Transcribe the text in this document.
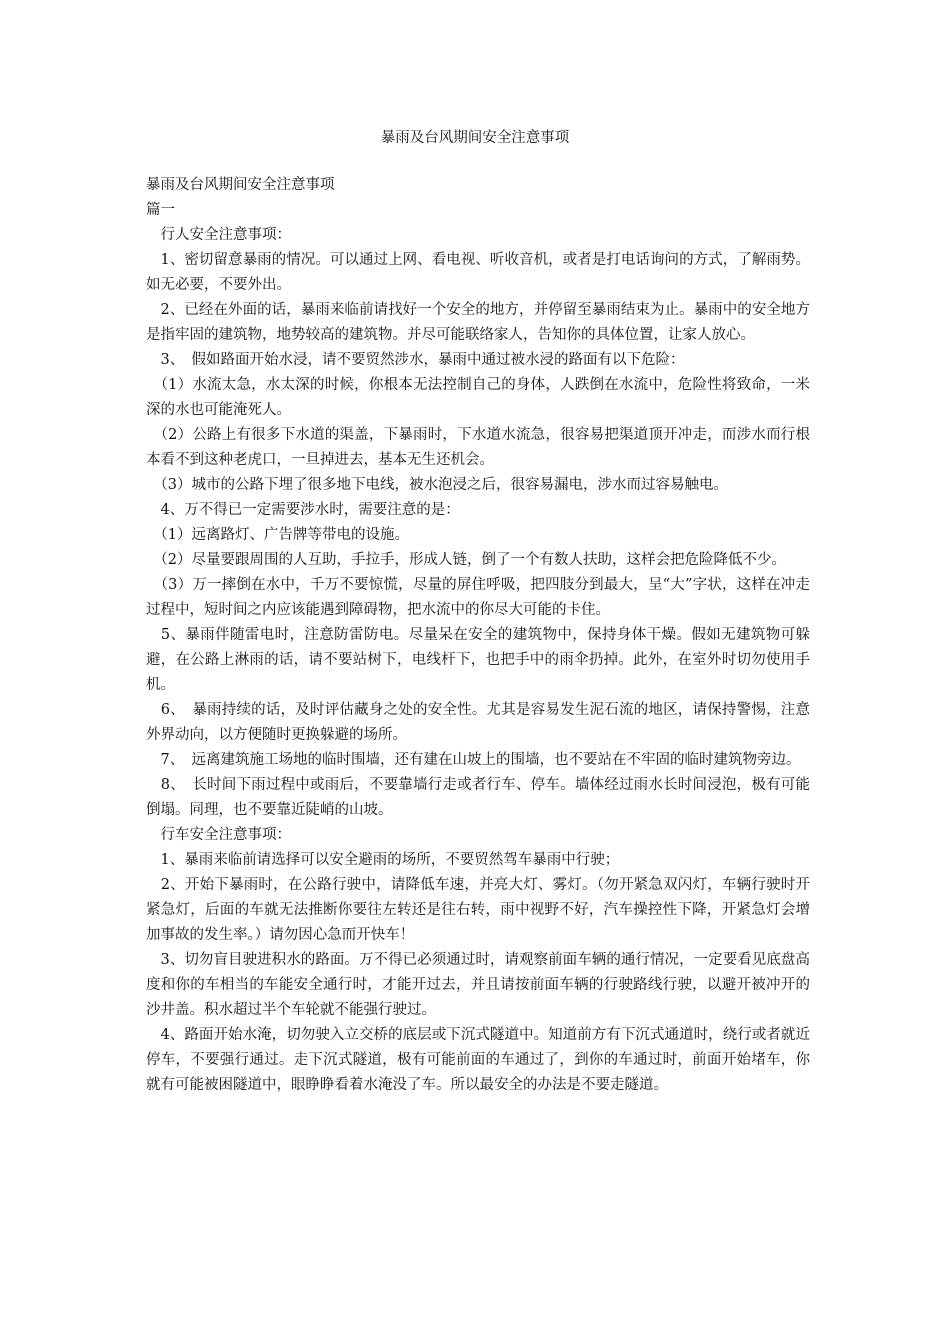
暴雨及台风期间安全注意事项

暴雨及台风期间安全注意事项

篇一

　行人安全注意事项：

　1、密切留意暴雨的情况。可以通过上网、看电视、听收音机，或者是打电话询问的方式，了解雨势。如无必要，不要外出。

　2、已经在外面的话，暴雨来临前请找好一个安全的地方，并停留至暴雨结束为止。暴雨中的安全地方是指牢固的建筑物，地势较高的建筑物。并尽可能联络家人，告知你的具体位置，让家人放心。

　3、　假如路面开始水浸，请不要贸然涉水，暴雨中通过被水浸的路面有以下危险：

　（1）水流太急，水太深的时候，你根本无法控制自己的身体，人跌倒在水流中，危险性将致命，一米深的水也可能淹死人。

　（2）公路上有很多下水道的渠盖，下暴雨时，下水道水流急，很容易把渠道顶开冲走，而涉水而行根本看不到这种老虎口，一旦掉进去，基本无生还机会。

　（3）城市的公路下埋了很多地下电线，被水泡浸之后，很容易漏电，涉水而过容易触电。

　4、万不得已一定需要涉水时，需要注意的是：

　（1）远离路灯、广告牌等带电的设施。

　（2）尽量要跟周围的人互助，手拉手，形成人链，倒了一个有数人扶助，这样会把危险降低不少。

　（3）万一摔倒在水中，千万不要惊慌，尽量的屏住呼吸，把四肢分到最大，呈“大”字状，这样在冲走过程中，短时间之内应该能遇到障碍物，把水流中的你尽大可能的卡住。

　5、暴雨伴随雷电时，注意防雷防电。尽量呆在安全的建筑物中，保持身体干燥。假如无建筑物可躲避，在公路上淋雨的话，请不要站树下，电线杆下，也把手中的雨伞扔掉。此外，在室外时切勿使用手机。

　6、　暴雨持续的话，及时评估藏身之处的安全性。尤其是容易发生泥石流的地区，请保持警惕，注意外界动向，以方便随时更换躲避的场所。

　7、　远离建筑施工场地的临时围墙，还有建在山坡上的围墙，也不要站在不牢固的临时建筑物旁边。

　8、　长时间下雨过程中或雨后，不要靠墙行走或者行车、停车。墙体经过雨水长时间浸泡，极有可能倒塌。同理，也不要靠近陡峭的山坡。

　行车安全注意事项：

　1、暴雨来临前请选择可以安全避雨的场所，不要贸然驾车暴雨中行驶；

　2、开始下暴雨时，在公路行驶中，请降低车速，并亮大灯、雾灯。（勿开紧急双闪灯，车辆行驶时开紧急灯，后面的车就无法推断你要往左转还是往右转，雨中视野不好，汽车操控性下降，开紧急灯会增加事故的发生率。）请勿因心急而开快车！

　3、切勿盲目驶进积水的路面。万不得已必须通过时，请观察前面车辆的通行情况，一定要看见底盘高度和你的车相当的车能安全通行时，才能开过去，并且请按前面车辆的行驶路线行驶，以避开被冲开的沙井盖。积水超过半个车轮就不能强行驶过。

　4、路面开始水淹，切勿驶入立交桥的底层或下沉式隧道中。知道前方有下沉式通道时，绕行或者就近停车，不要强行通过。走下沉式隧道，极有可能前面的车通过了，到你的车通过时，前面开始堵车，你就有可能被困隧道中，眼睁睁看着水淹没了车。所以最安全的办法是不要走隧道。
